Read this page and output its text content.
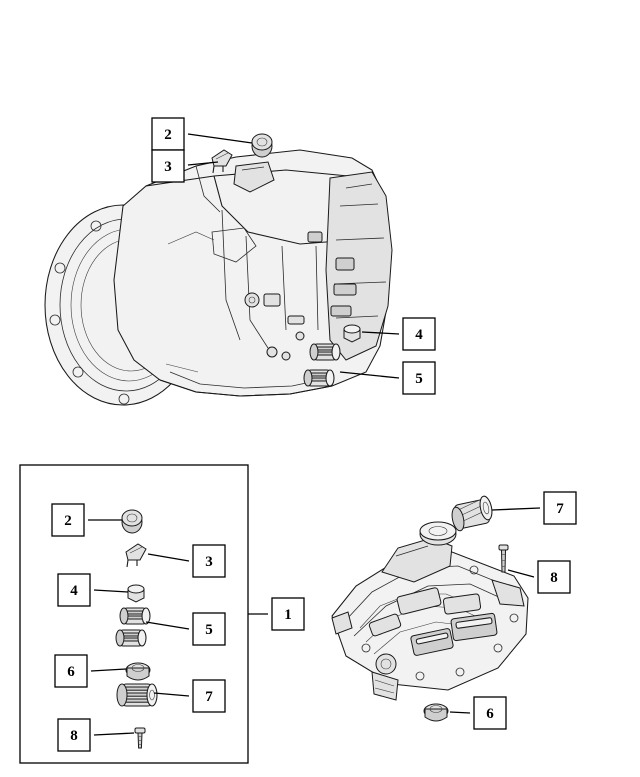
2
3
4
5
1
2
3
4
5
6
7
8
7
8
6
